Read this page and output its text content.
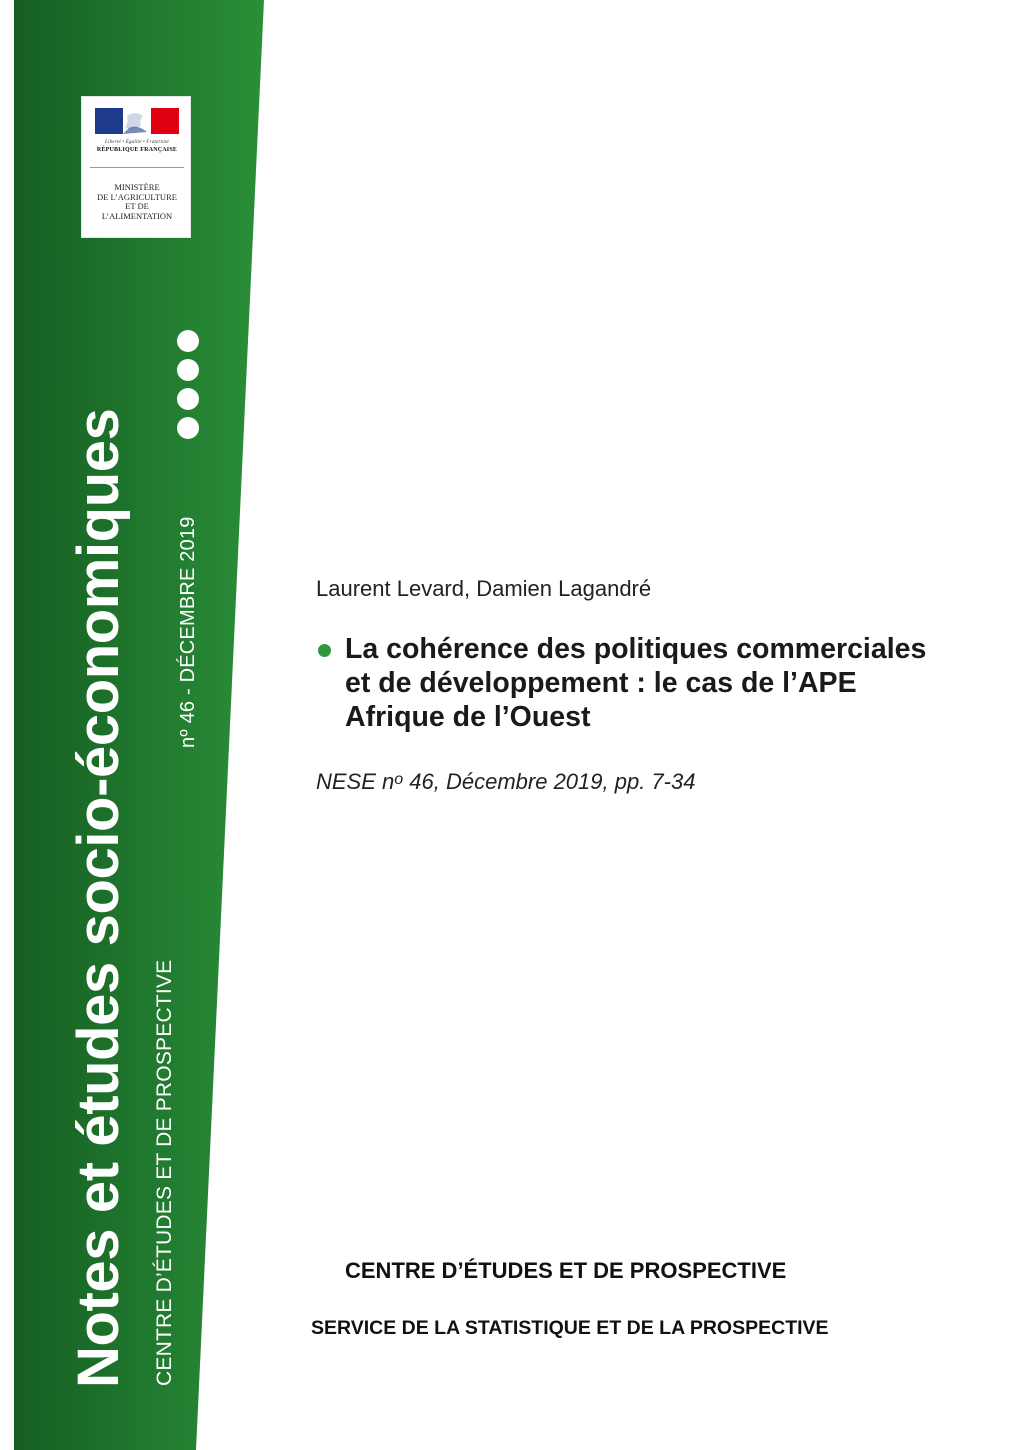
Liberté • Égalité • Fraternité
RÉPUBLIQUE FRANÇAISE
MINISTÈRE
DE L’AGRICULTURE
ET DE
L’ALIMENTATION
Notes et études socio-économiques CENTRE D’ÉTUDES ET DE PROSPECTIVE
nº 46 - DÉCEMBRE 2019	Laurent Levard, Damien Lagandré
La cohérence des politiques commerciales
et de développement : le cas de l’APE
Afrique de l’Ouest
NESE $n^o$ 46, Décembre 2019, pp. 7-34
CENTRE D’ÉTUDES ET DE PROSPECTIVE
SERVICE DE LA STATISTIQUE ET DE LA PROSPECTIVE
